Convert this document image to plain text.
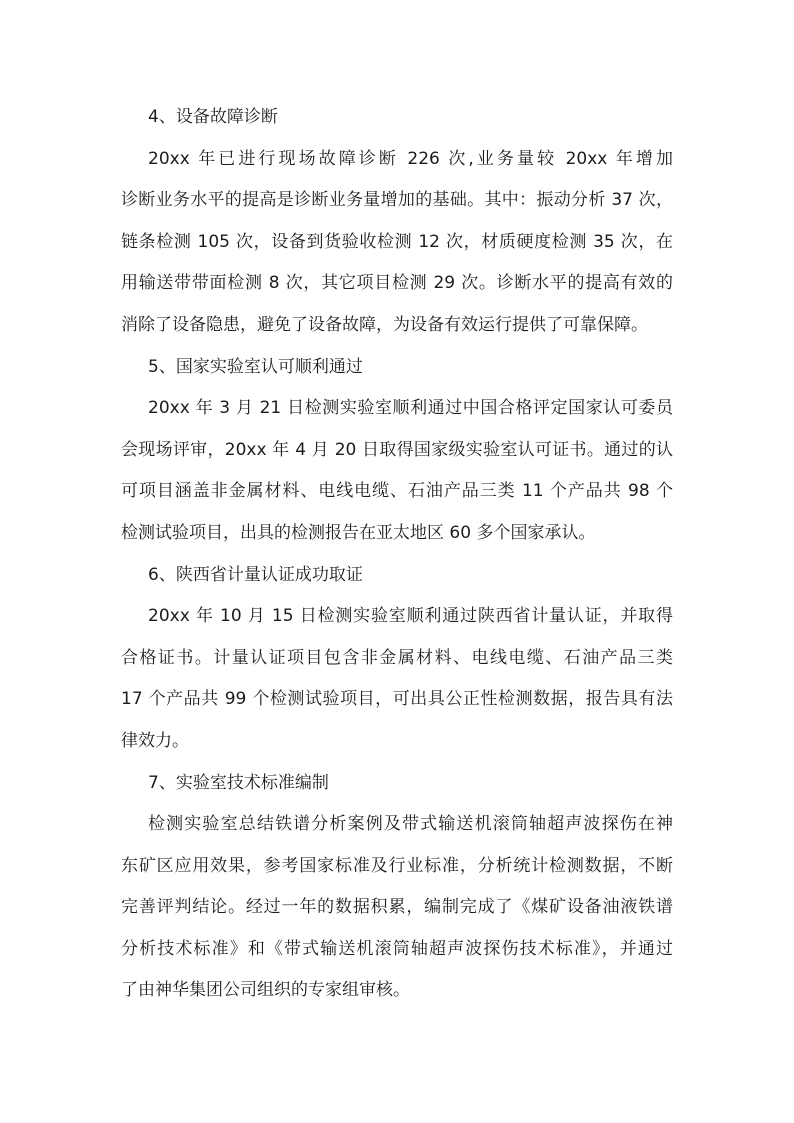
4、设备故障诊断
20xx 年已进行现场故障诊断 226 次,业务量较 20xx 年增加
诊断业务水平的提高是诊断业务量增加的基础。其中：振动分析 37 次，
链条检测 105 次，设备到货验收检测 12 次，材质硬度检测 35 次，在
用输送带带面检测 8 次，其它项目检测 29 次。诊断水平的提高有效的
消除了设备隐患，避免了设备故障，为设备有效运行提供了可靠保障。
5、国家实验室认可顺利通过
20xx 年 3 月 21 日检测实验室顺利通过中国合格评定国家认可委员
会现场评审，20xx 年 4 月 20 日取得国家级实验室认可证书。通过的认
可项目涵盖非金属材料、电线电缆、石油产品三类 11 个产品共 98 个
检测试验项目，出具的检测报告在亚太地区 60 多个国家承认。
6、陕西省计量认证成功取证
20xx 年 10 月 15 日检测实验室顺利通过陕西省计量认证，并取得
合格证书。计量认证项目包含非金属材料、电线电缆、石油产品三类
17 个产品共 99 个检测试验项目，可出具公正性检测数据，报告具有法
律效力。
7、实验室技术标准编制
检测实验室总结铁谱分析案例及带式输送机滚筒轴超声波探伤在神
东矿区应用效果，参考国家标准及行业标准，分析统计检测数据，不断
完善评判结论。经过一年的数据积累，编制完成了《煤矿设备油液铁谱
分析技术标准》和《带式输送机滚筒轴超声波探伤技术标准》，并通过
了由神华集团公司组织的专家组审核。
